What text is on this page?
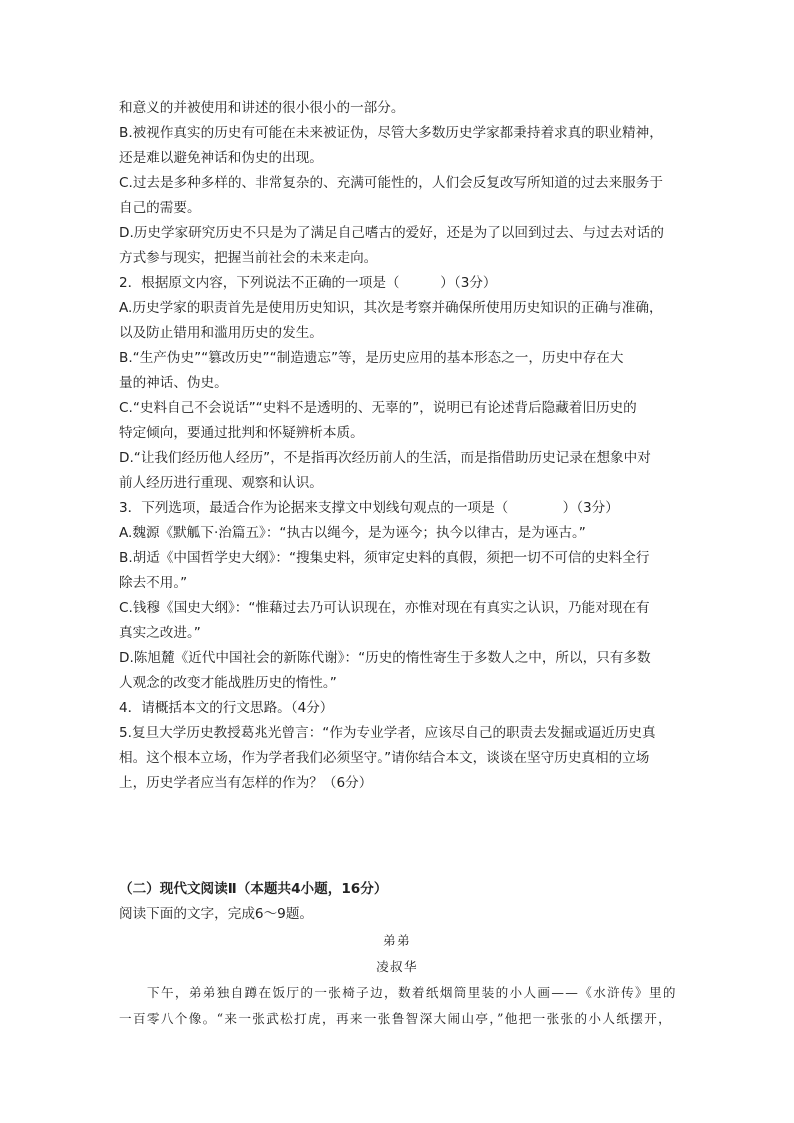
和意义的并被使用和讲述的很小很小的一部分。
B.被视作真实的历史有可能在未来被证伪，尽管大多数历史学家都秉持着求真的职业精神，
还是难以避免神话和伪史的出现。
C.过去是多种多样的、非常复杂的、充满可能性的，人们会反复改写所知道的过去来服务于
自己的需要。
D.历史学家研究历史不只是为了满足自己嗜古的爱好，还是为了以回到过去、与过去对话的
方式参与现实，把握当前社会的未来走向。
2．根据原文内容，下列说法不正确的一项是（　　　）（3分）
A.历史学家的职责首先是使用历史知识，其次是考察并确保所使用历史知识的正确与准确，
以及防止错用和滥用历史的发生。
B.“生产伪史”“篡改历史”“制造遗忘”等，是历史应用的基本形态之一，历史中存在大
量的神话、伪史。
C.“史料自己不会说话”“史料不是透明的、无辜的”，说明已有论述背后隐藏着旧历史的
特定倾向，要通过批判和怀疑辨析本质。
D.“让我们经历他人经历”，不是指再次经历前人的生活，而是指借助历史记录在想象中对
前人经历进行重现、观察和认识。
3．下列选项，最适合作为论据来支撑文中划线句观点的一项是（　　　　）（3分）
A.魏源《默觚下·治篇五》：“执古以绳今，是为诬今；执今以律古，是为诬古。”
B.胡适《中国哲学史大纲》：“搜集史料，须审定史料的真假，须把一切不可信的史料全行
除去不用。”
C.钱穆《国史大纲》：“惟藉过去乃可认识现在，亦惟对现在有真实之认识，乃能对现在有
真实之改进。”
D.陈旭麓《近代中国社会的新陈代谢》：“历史的惰性寄生于多数人之中，所以，只有多数
人观念的改变才能战胜历史的惰性。”
4．请概括本文的行文思路。（4分）
5.复旦大学历史教授葛兆光曾言：“作为专业学者，应该尽自己的职责去发掘或逼近历史真
相。这个根本立场，作为学者我们必须坚守。”请你结合本文，谈谈在坚守历史真相的立场
上，历史学者应当有怎样的作为？（6分）
（二）现代文阅读Ⅱ（本题共4小题，16分）
阅读下面的文字，完成6～9题。
弟弟
凌叔华
下午，弟弟独自蹲在饭厅的一张椅子边，数着纸烟筒里装的小人画——《水浒传》里的
一百零八个像。“来一张武松打虎，再来一张鲁智深大闹山亭，”他把一张张的小人纸摆开，
